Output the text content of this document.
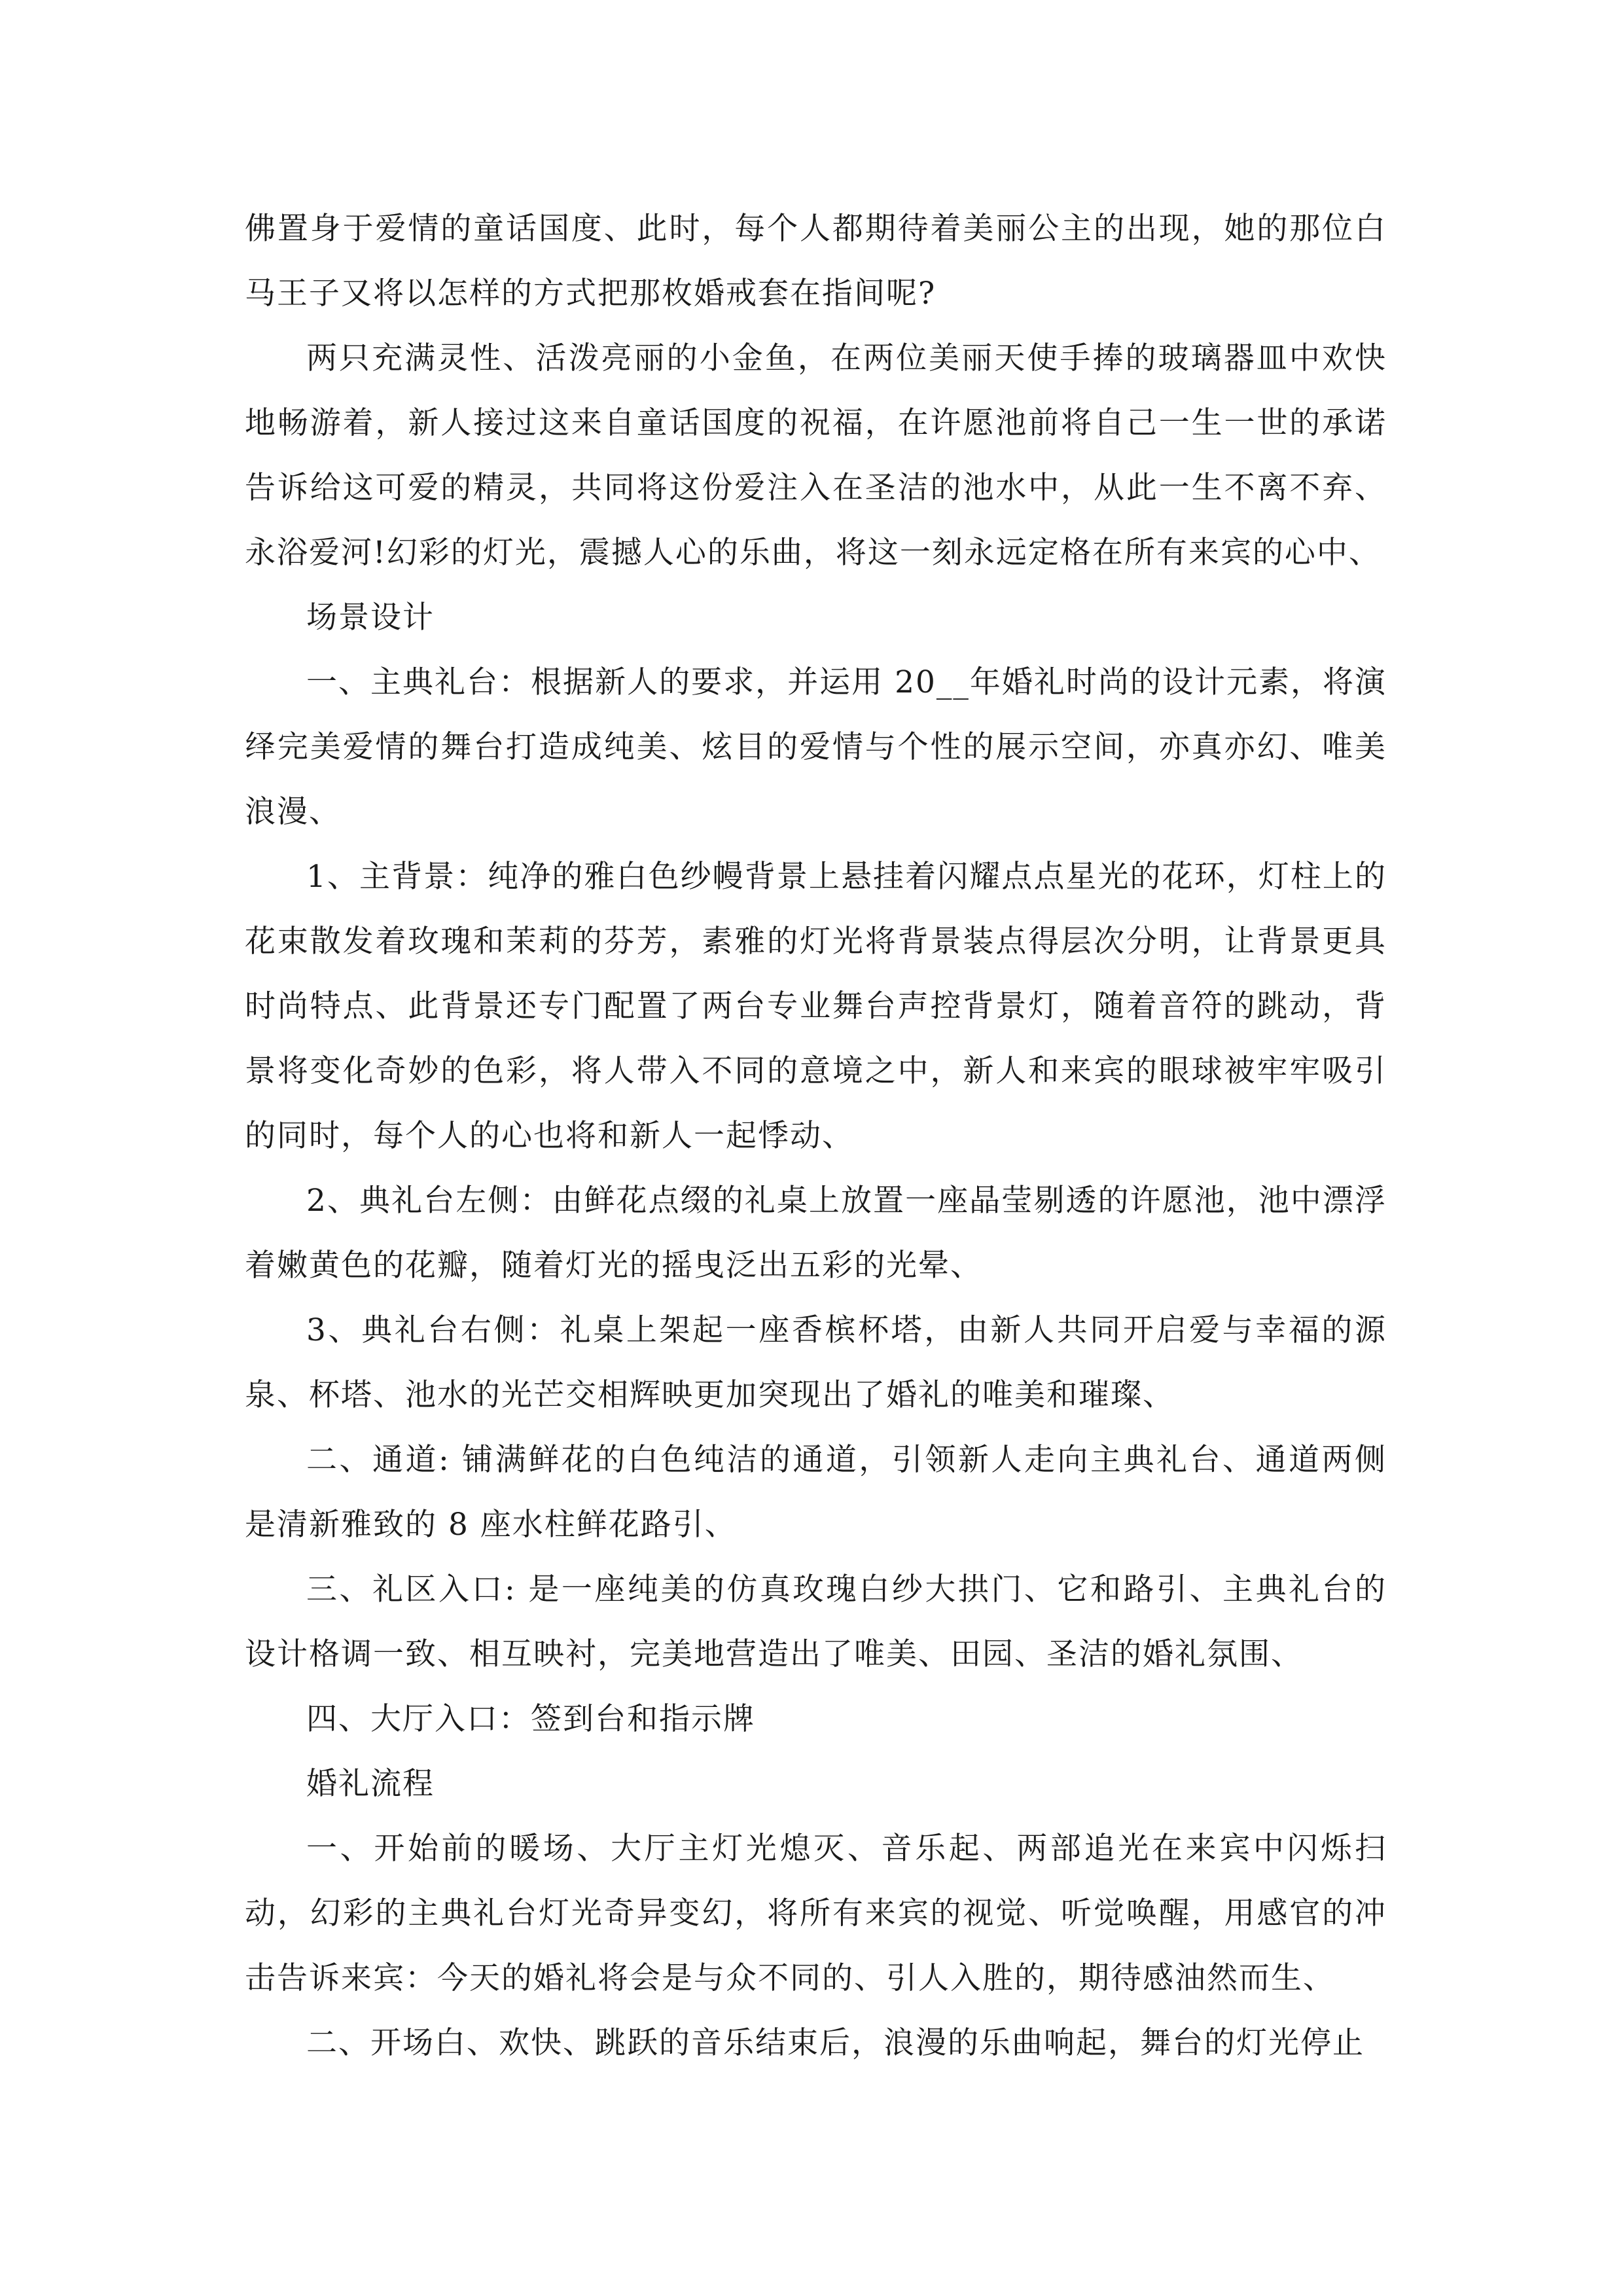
佛置身于爱情的童话国度、此时，每个人都期待着美丽公主的出现，她的那位白马王子又将以怎样的方式把那枚婚戒套在指间呢?

两只充满灵性、活泼亮丽的小金鱼，在两位美丽天使手捧的玻璃器皿中欢快地畅游着，新人接过这来自童话国度的祝福，在许愿池前将自己一生一世的承诺告诉给这可爱的精灵，共同将这份爱注入在圣洁的池水中，从此一生不离不弃、永浴爱河!幻彩的灯光，震撼人心的乐曲，将这一刻永远定格在所有来宾的心中、

场景设计

一、主典礼台：根据新人的要求，并运用 20__年婚礼时尚的设计元素，将演绎完美爱情的舞台打造成纯美、炫目的爱情与个性的展示空间，亦真亦幻、唯美浪漫、

1、主背景：纯净的雅白色纱幔背景上悬挂着闪耀点点星光的花环，灯柱上的花束散发着玫瑰和茉莉的芬芳，素雅的灯光将背景装点得层次分明，让背景更具时尚特点、此背景还专门配置了两台专业舞台声控背景灯，随着音符的跳动，背景将变化奇妙的色彩，将人带入不同的意境之中，新人和来宾的眼球被牢牢吸引的同时，每个人的心也将和新人一起悸动、

2、典礼台左侧：由鲜花点缀的礼桌上放置一座晶莹剔透的许愿池，池中漂浮着嫩黄色的花瓣，随着灯光的摇曳泛出五彩的光晕、

3、典礼台右侧：礼桌上架起一座香槟杯塔，由新人共同开启爱与幸福的源泉、杯塔、池水的光芒交相辉映更加突现出了婚礼的唯美和璀璨、

二、通道: 铺满鲜花的白色纯洁的通道，引领新人走向主典礼台、通道两侧是清新雅致的 8 座水柱鲜花路引、

三、礼区入口: 是一座纯美的仿真玫瑰白纱大拱门、它和路引、主典礼台的设计格调一致、相互映衬，完美地营造出了唯美、田园、圣洁的婚礼氛围、

四、大厅入口：签到台和指示牌

婚礼流程

一、开始前的暖场、大厅主灯光熄灭、音乐起、两部追光在来宾中闪烁扫动，幻彩的主典礼台灯光奇异变幻，将所有来宾的视觉、听觉唤醒，用感官的冲击告诉来宾：今天的婚礼将会是与众不同的、引人入胜的，期待感油然而生、

二、开场白、欢快、跳跃的音乐结束后，浪漫的乐曲响起，舞台的灯光停止
